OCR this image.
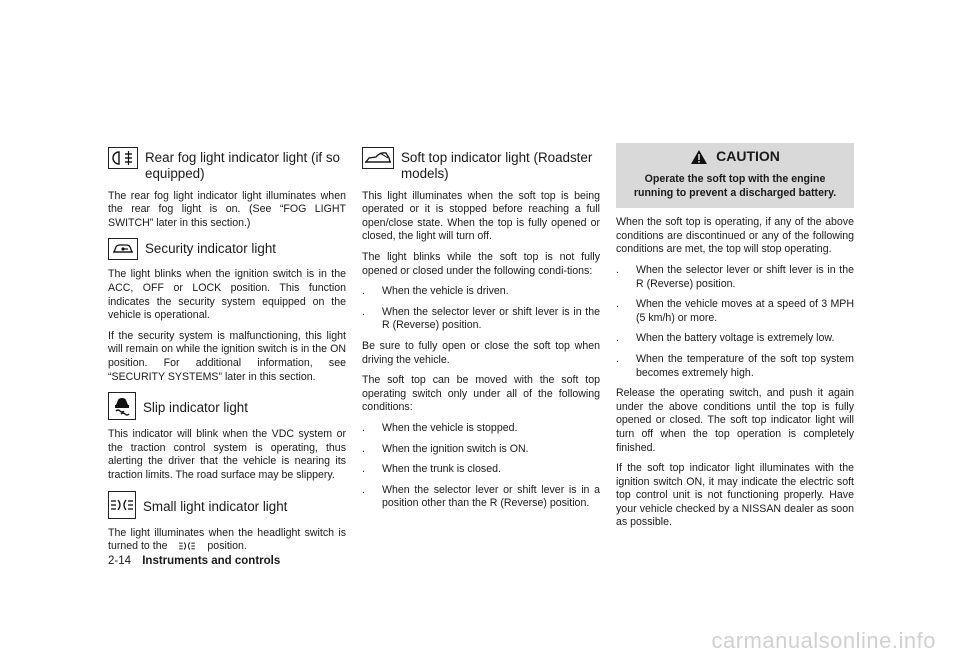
Rear fog light indicator light (if so
equipped)

The rear fog light indicator light illuminates when the rear fog light is on. (See “FOG LIGHT SWITCH” later in this section.)

Security indicator light

The light blinks when the ignition switch is in the ACC, OFF or LOCK position. This function indicates the security system equipped on the vehicle is operational.

If the security system is malfunctioning, this light will remain on while the ignition switch is in the ON position. For additional information, see “SECURITY SYSTEMS” later in this section.

Slip indicator light

This indicator will blink when the VDC system or the traction control system is operating, thus alerting the driver that the vehicle is nearing its traction limits. The road surface may be slippery.

Small light indicator light

The light illuminates when the headlight switch is turned to the	position.

Soft top indicator light (Roadster
models)

This light illuminates when the soft top is being operated or it is stopped before reaching a full open/close state. When the top is fully opened or closed, the light will turn off.

The light blinks while the soft top is not fully opened or closed under the following condi-tions:

.	When the vehicle is driven.
.	When the selector lever or shift lever is in the R (Reverse) position.

Be sure to fully open or close the soft top when driving the vehicle.

The soft top can be moved with the soft top operating switch only under all of the following conditions:

.	When the vehicle is stopped.
.	When the ignition switch is ON.
.	When the trunk is closed.
.	When the selector lever or shift lever is in a position other than the R (Reverse) position.
CAUTION
Operate the soft top with the engine running to prevent a discharged battery.

When the soft top is operating, if any of the above conditions are discontinued or any of the following conditions are met, the top will stop operating.

.	When the selector lever or shift lever is in the R (Reverse) position.
.	When the vehicle moves at a speed of 3 MPH (5 km/h) or more.
.	When the battery voltage is extremely low.
.	When the temperature of the soft top system becomes extremely high.

Release the operating switch, and push it again under the above conditions until the top is fully opened or closed. The soft top indicator light will turn off when the top operation is completely finished.

If the soft top indicator light illuminates with the ignition switch ON, it may indicate the electric soft top control unit is not functioning properly. Have your vehicle checked by a NISSAN dealer as soon as possible.

2-14 Instruments and controls
carmanualsonline.info
